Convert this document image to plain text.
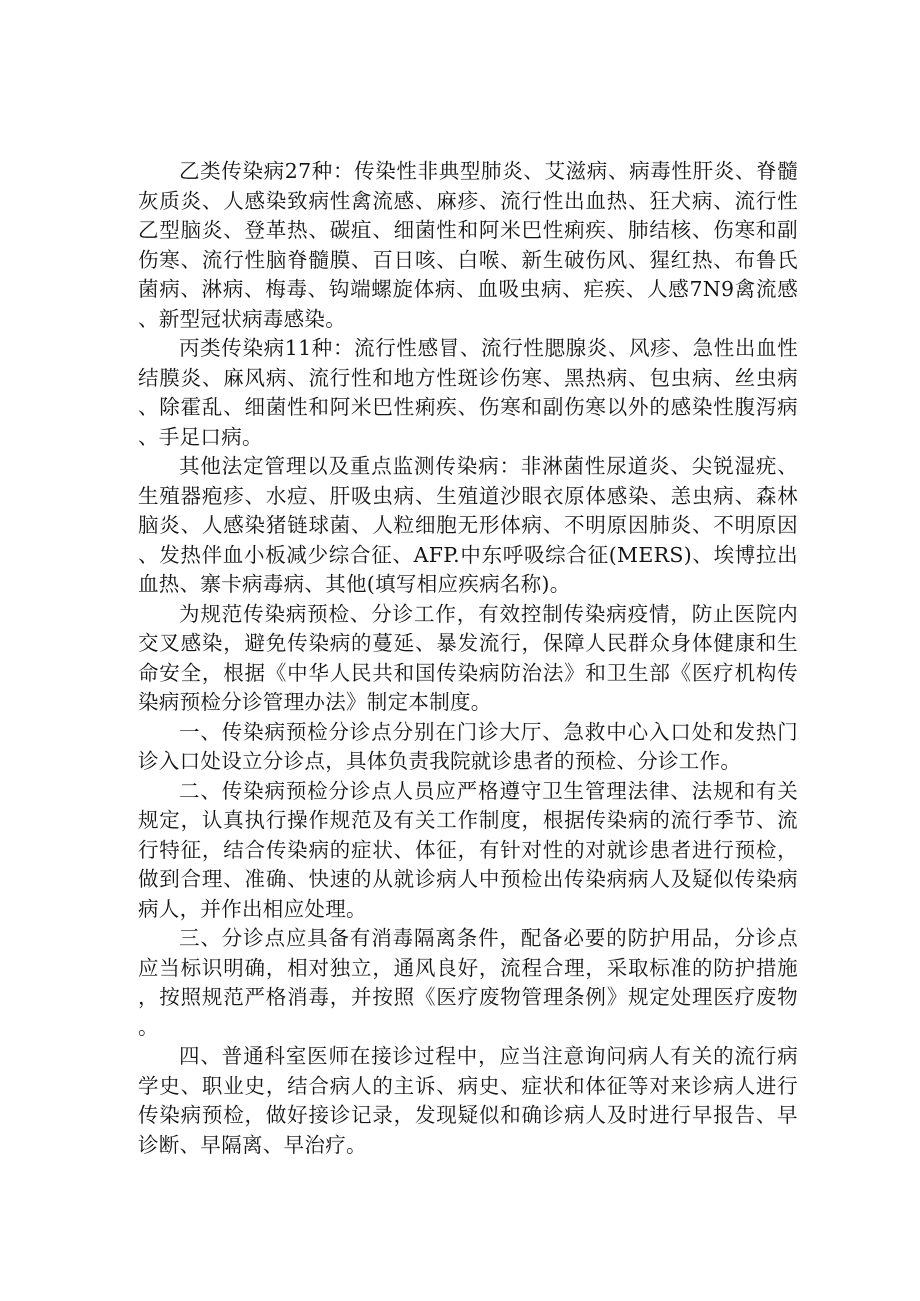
乙类传染病27种：传染性非典型肺炎、艾滋病、病毒性肝炎、脊髓灰质炎、人感染致病性禽流感、麻疹、流行性出血热、狂犬病、流行性乙型脑炎、登革热、碳疽、细菌性和阿米巴性痢疾、肺结核、伤寒和副伤寒、流行性脑脊髓膜、百日咳、白喉、新生破伤风、猩红热、布鲁氏菌病、淋病、梅毒、钩端螺旋体病、血吸虫病、疟疾、人感7N9禽流感、新型冠状病毒感染。

丙类传染病11种：流行性感冒、流行性腮腺炎、风疹、急性出血性结膜炎、麻风病、流行性和地方性斑诊伤寒、黑热病、包虫病、丝虫病、除霍乱、细菌性和阿米巴性痢疾、伤寒和副伤寒以外的感染性腹泻病、手足口病。

其他法定管理以及重点监测传染病：非淋菌性尿道炎、尖锐湿疣、生殖器疱疹、水痘、肝吸虫病、生殖道沙眼衣原体感染、恙虫病、森林脑炎、人感染猪链球菌、人粒细胞无形体病、不明原因肺炎、不明原因、发热伴血小板减少综合征、AFP.中东呼吸综合征(MERS)、埃博拉出血热、寨卡病毒病、其他(填写相应疾病名称)。

为规范传染病预检、分诊工作，有效控制传染病疫情，防止医院内交叉感染，避免传染病的蔓延、暴发流行，保障人民群众身体健康和生命安全，根据《中华人民共和国传染病防治法》和卫生部《医疗机构传染病预检分诊管理办法》制定本制度。

一、传染病预检分诊点分别在门诊大厅、急救中心入口处和发热门诊入口处设立分诊点，具体负责我院就诊患者的预检、分诊工作。

二、传染病预检分诊点人员应严格遵守卫生管理法律、法规和有关规定，认真执行操作规范及有关工作制度，根据传染病的流行季节、流行特征，结合传染病的症状、体征，有针对性的对就诊患者进行预检，做到合理、准确、快速的从就诊病人中预检出传染病病人及疑似传染病病人，并作出相应处理。

三、分诊点应具备有消毒隔离条件，配备必要的防护用品，分诊点应当标识明确，相对独立，通风良好，流程合理，采取标准的防护措施，按照规范严格消毒，并按照《医疗废物管理条例》规定处理医疗废物。

四、普通科室医师在接诊过程中，应当注意询问病人有关的流行病学史、职业史，结合病人的主诉、病史、症状和体征等对来诊病人进行传染病预检，做好接诊记录，发现疑似和确诊病人及时进行早报告、早诊断、早隔离、早治疗。
